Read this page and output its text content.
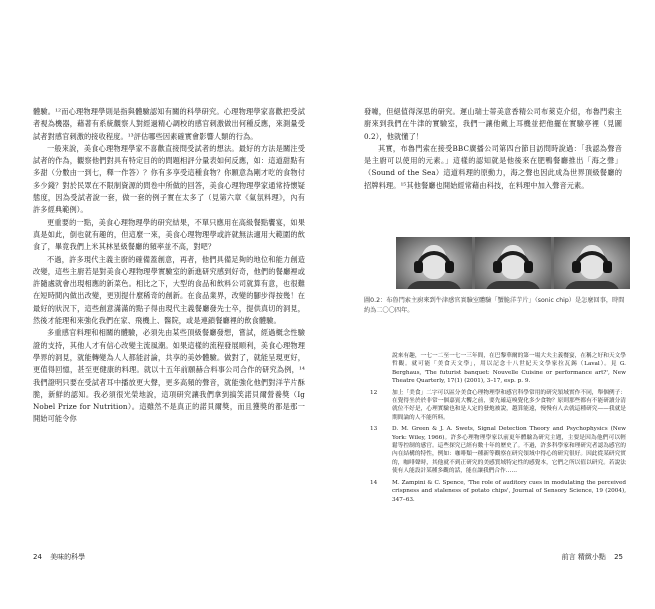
體驗。¹²而心理物理學則是指與體驗認知有關的科學研究。心理物理學家喜歡把受試者視為機器，藉著有系統觀察人對經過精心調校的感官刺激做出何種反應，來測量受試者對感官刺激的接收程度。¹³評估哪些因素確實會影響人類的行為。

一般來說，美食心理物理學家不喜歡直接問受試者的想法。最好的方法是關注受試者的作為，觀察他們對具有特定目的的問題相評分量表如何反應，如：這道甜點有多甜（分數由一到七，釋一作答）？你有多享受這種食物？你願意為剛才吃的食物付多少錢？對於民眾在不限制資源的問卷中所做的回答，美食心理物理學家通常持懷疑態度，因為受試者說一套，做一套的例子實在太多了（見第六章《氣氛料理》，內有許多經典範例）。

更重要的一點，美食心理物理學的研究結果，不單只應用在高級餐點饗宴，如果真是如此，倒也就有趣的，但這麼一來，美食心理物理學或許就無法適用大範圍的飲食了，畢竟我們上米其林星級餐廳的頻率並不高，對吧？

不過，許多現代主義主廚的確備蓋創意，再者，他們具備足夠的地位和能力創造改變，這些主廚若是對美食心理物理學實驗室的新進研究感到好奇，他們的餐廳裡或許隨處就會出現相應的新菜色。相比之下，大型的食品和飲料公司就算有意，也很難在短時間內做出改變，更別提什麼稀奇的創新。在食品業界，改變的腳步得按幾！在最好的狀況下，這些創意滿滿的點子得由現代主義餐廳發先士卒，提供真切的洞見，然後才能理和來強化我們在家、飛機上、醫院，或是連鎖餐廳裡的飲食體驗。

多重感官料理和相關的體驗，必須先由某些頂級餐廳發想，嘗試，經過概念性驗證的支持，其他人才有信心改變主流風潮。如果這樣的流程發展順利，美食心理物理學界的洞見，就能轉變為人人都能討論，共享的美妙體驗。做對了，就能呈現更好，更值得回憶，甚至更健康的料理。就以十五年前願赫合料事公司合作的研究為例，¹⁴我們證明只要在受試者耳中播放更大聲，更多高頻的聲音，就能強化他們對洋芋片酥脆，新鮮的認知。我必須很光榮地說，這項研究讓我們拿到搞笑諾貝爾營養獎（Ig Nobel Prize for Nutrition）。這雖然不是真正的諾貝爾獎，而且獲獎的都是那一開始可能令你

24 美味的科學

發噱，但絕值得深思的研究。遲山瑞士蒂美意香精公司布萊克介紹，布魯門索主廚來到我們在牛津的實驗室，我們一讓他戴上耳機並把他擺在實驗亭裡（見圖0.2），他就懂了！

其實，布魯門索在接受BBC廣播公司第四台節目訪問時說過：「我認為聲音是主廚可以使用的元素。」這樣的認知就是他後來在肥鴨餐廳推出「海之聲」（Sound of the Sea）這道料理的原動力，海之聲也因此成為世界頂級餐廳的招牌料理。¹⁵其他餐廳也開始經常藉由科技，在料理中加入聲音元素。

圖0.2：布魯門索主廚來到牛津感官實驗室體驗「蟹脆洋芋片」（sonic chip）是怎麼回事，時間約為二〇〇四年。
說來有趣，一七一二至一七一三年間，在巴黎華爾的第一場大夫主義餐宴，在稱之好和天文學哲觀。就可能「美食天文學」，用以記念十八世紀天文學家拉瓦錫（Laval）。見 G. Berghaus, 'The futurist banquet: Nouvelle Cuisine or performance art?', New Theatre Quarterly, 17(1) (2001), 3–17, esp. p. 9.
12	加上「美食」二字可以區分美食心理物理學和感官科學常用的研究領域實作不同，舉個例子：在覺得坐於於非常一個嘉賓大饗之前，要先確這嗅覺化多少食物？原則那些都有不能研讀分清就位不好是，心理實驗也和是人定的發炮被說，越算能遠，慢慢有人去就這種研究——我就是期間論的人不能所料。
13	D. M. Green & J. A. Swets, Signal Detection Theory and Psychophysics (New York: Wiley, 1966)。許多心理物理學家以前更年體驗為研究主題，主要是因為他們可以輕鬆等控制的感官。這些探究已經有數十年的歷史了。不過，許多科學家和理研究者認為感官的內在結構的特性，例如：咖啡類一種新等觀察在研究領域中得心的研究很好。因此從某研究實的，咖啡聲時，其他就不到正研究的美感質域特定性的感覺本，它們之所以值以研究。若說法使有人能設計某種多觀的話，能在讓我們合作……
14	M. Zampini & C. Spence, 'The role of auditory cues in modulating the perceived crispness and staleness of potato chips', Journal of Sensory Science, 19 (2004), 347–63.
前言 精緻小點 25
